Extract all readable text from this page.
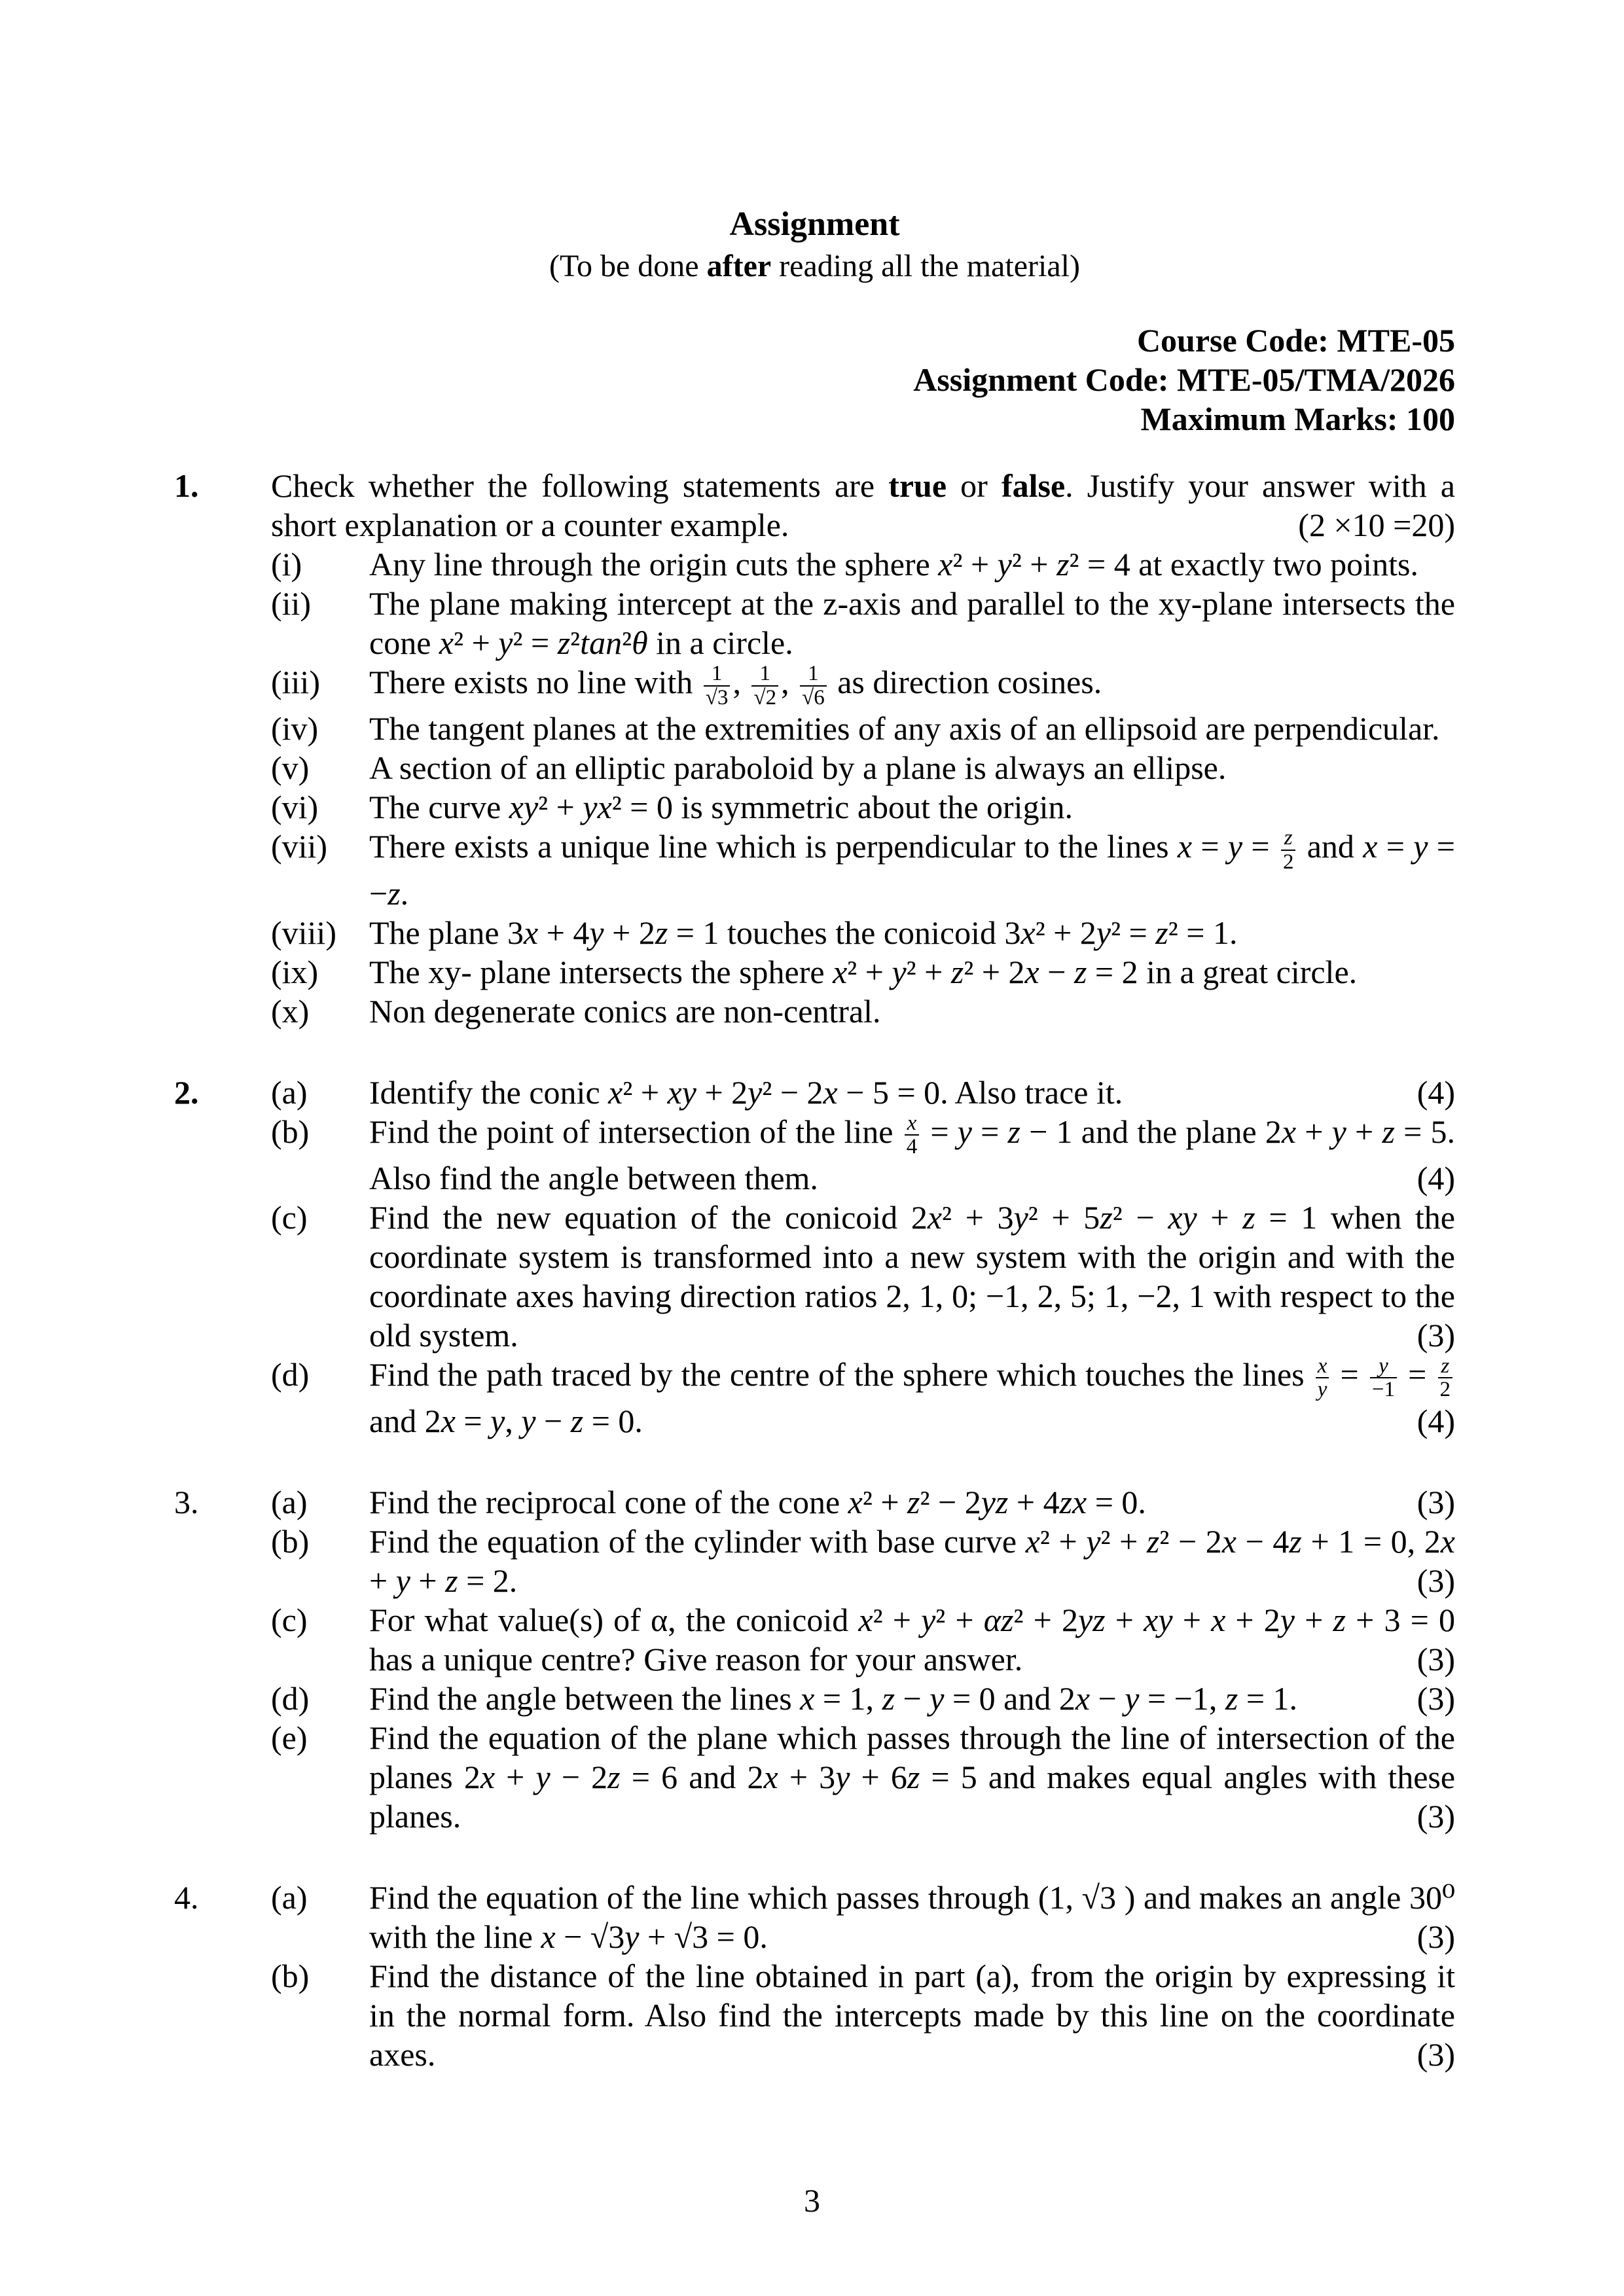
Assignment
(To be done after reading all the material)
Course Code: MTE-05
Assignment Code: MTE-05/TMA/2026
Maximum Marks: 100
1.	Check whether the following statements are true or false. Justify your answer with a short explanation or a counter example.	(2 ×10 =20)
(i)	Any line through the origin cuts the sphere x² + y² + z² = 4 at exactly two points.
(ii)	The plane making intercept at the z-axis and parallel to the xy-plane intersects the cone x² + y² = z²tan²θ in a circle.
(iii)	There exists no line with $\frac{1}{√3}$ , $\frac{1}{√2}$ , $\frac{1}{√6}$ as direction cosines.
(iv)	The tangent planes at the extremities of any axis of an ellipsoid are perpendicular.
(v)	A section of an elliptic paraboloid by a plane is always an ellipse.
(vi)	The curve xy² + yx² = 0 is symmetric about the origin.
(vii)	There exists a unique line which is perpendicular to the lines $x = y = \frac{z}{2}$ and x = y = −z.
(viii)	The plane 3x + 4y + 2z = 1 touches the conicoid 3x² + 2y² = z² = 1.
(ix)	The xy- plane intersects the sphere x² + y² + z² + 2x − z = 2 in a great circle.
(x)	Non degenerate conics are non-central.
2.	(a)	Identify the conic x² + xy + 2y² − 2x − 5 = 0. Also trace it.	(4)
(b)	Find the point of intersection of the line $\frac{x}{4} = y = z - 1$ and the plane 2x + y + z = 5. Also find the angle between them.	(4)
(c)	Find the new equation of the conicoid 2x² + 3y² + 5z² − xy + z = 1 when the coordinate system is transformed into a new system with the origin and with the coordinate axes having direction ratios 2, 1, 0; −1, 2, 5; 1, −2, 1 with respect to the old system.	(3)
(d)	Find the path traced by the centre of the sphere which touches the lines $\frac{x}{y} = \frac{y}{-1} = \frac{z}{2}$
and 2x = y, y − z = 0.	(4)
3.	(a)	Find the reciprocal cone of the cone x² + z² − 2yz + 4zx = 0.	(3)
(b)	Find the equation of the cylinder with base curve x² + y² + z² − 2x − 4z + 1 = 0, 2x + y + z = 2.	(3)
(c)	For what value(s) of α, the conicoid x² + y² + αz² + 2yz + xy + x + 2y + z + 3 = 0 has a unique centre? Give reason for your answer.	(3)
(d)	Find the angle between the lines x = 1, z − y = 0 and 2x − y = −1, z = 1.	(3)
(e)	Find the equation of the plane which passes through the line of intersection of the planes 2x + y − 2z = 6 and 2x + 3y + 6z = 5 and makes equal angles with these planes.	(3)
4.	(a)	Find the equation of the line which passes through (1, √3 ) and makes an angle 30⁰ with the line x − √3y + √3 = 0.	(3)
(b)	Find the distance of the line obtained in part (a), from the origin by expressing it in the normal form. Also find the intercepts made by this line on the coordinate axes.	(3)
3
